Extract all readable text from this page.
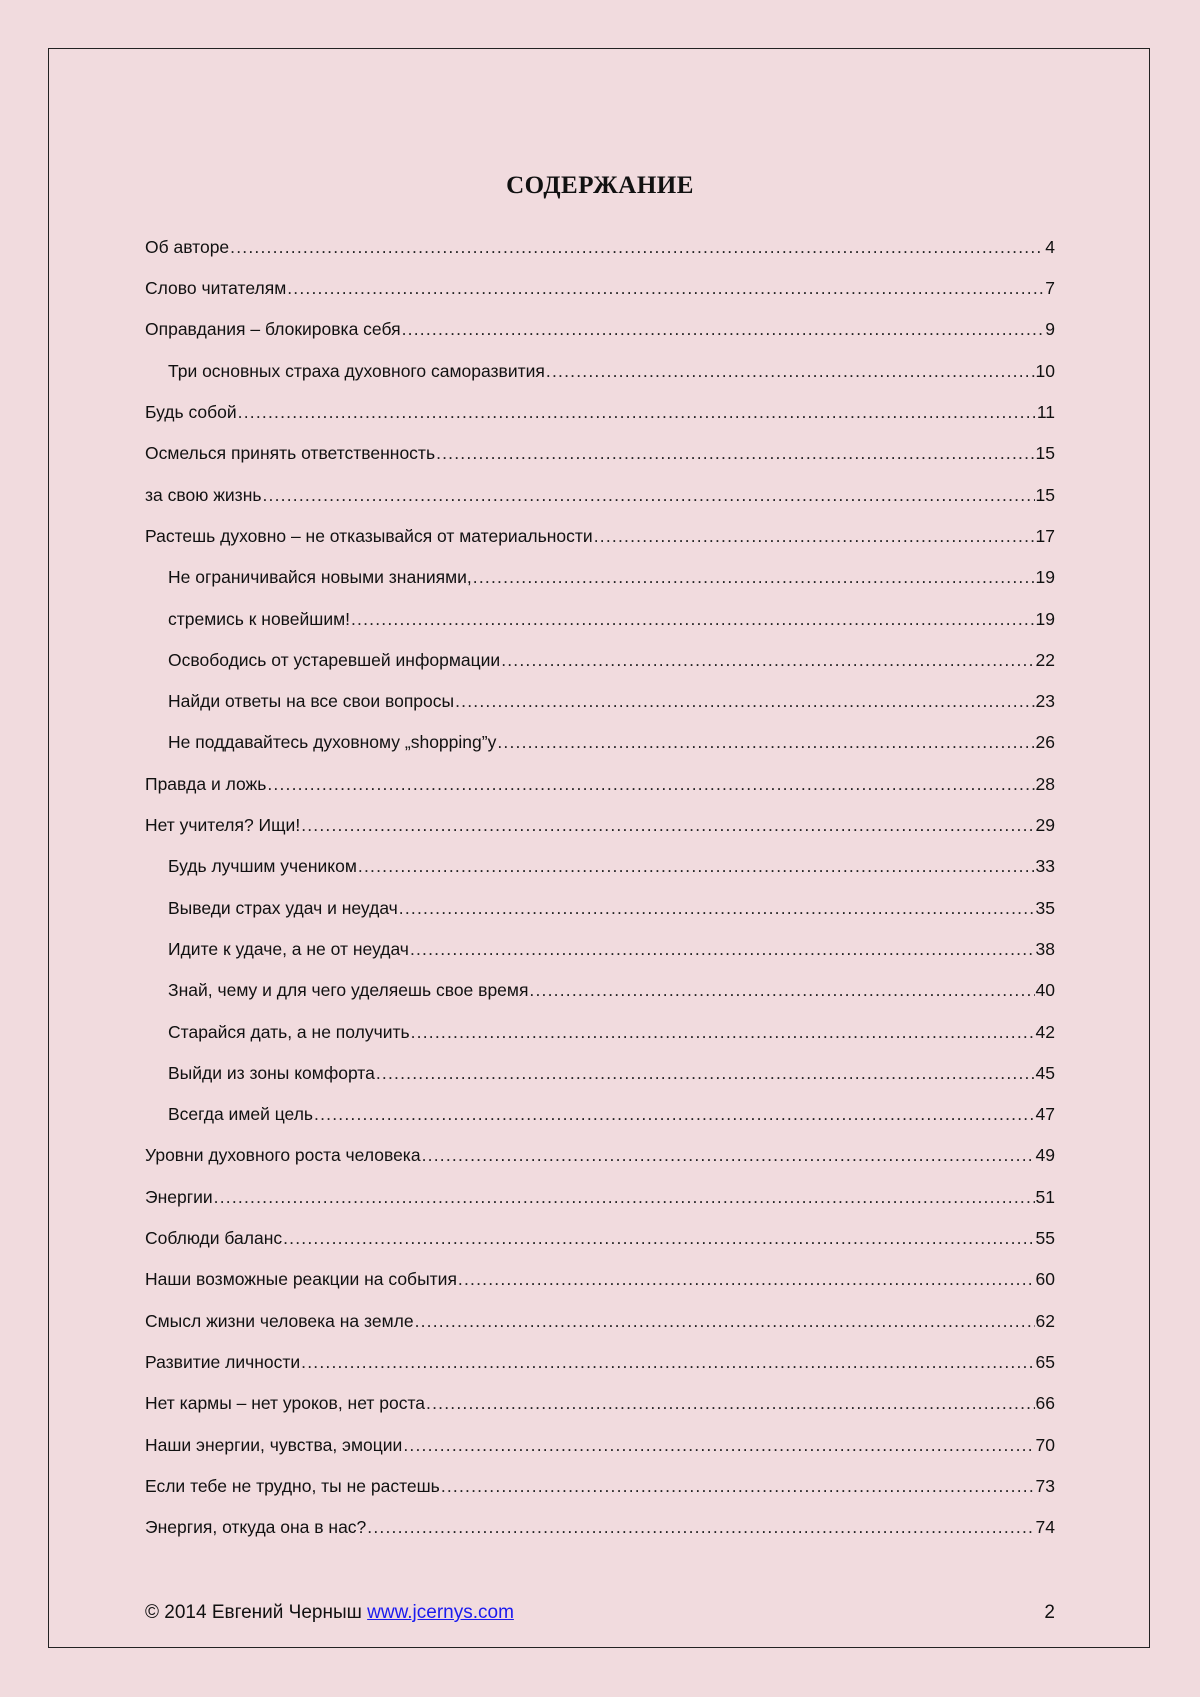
СОДЕРЖАНИЕ
Об авторе .....	4
Слово читателям .....	7
Оправдания – блокировка себя .....	9
Три основных страха духовного саморазвития .....	10
Будь собой .....	11
Осмелься принять ответственность .....	15
за свою жизнь .....	15
Растешь духовно – не отказывайся от материальности .....	17
Не ограничивайся новыми знаниями, .....	19
стремись к новейшим! .....	19
Освободись от устаревшей информации .....	22
Найди ответы на все свои вопросы .....	23
Не поддавайтесь духовному „shopping”у .....	26
Правда и ложь .....	28
Нет учителя? Ищи! .....	29
Будь лучшим учеником .....	33
Выведи страх удач и неудач .....	35
Идите к удаче, а не от неудач .....	38
Знай, чему и для чего уделяешь свое время .....	40
Старайся дать, а не получить .....	42
Выйди из зоны комфорта .....	45
Всегда имей цель .....	47
Уровни духовного роста человека .....	49
Энергии .....	51
Соблюди баланс .....	55
Наши возможные реакции на события .....	60
Смысл жизни человека на земле .....	62
Развитие личности .....	65
Нет кармы – нет уроков, нет роста .....	66
Наши энергии, чувства, эмоции .....	70
Если тебе не трудно, ты не растешь .....	73
Энергия, откуда она в нас? .....	74
© 2014 Евгений Черныш www.jcernys.com	2
